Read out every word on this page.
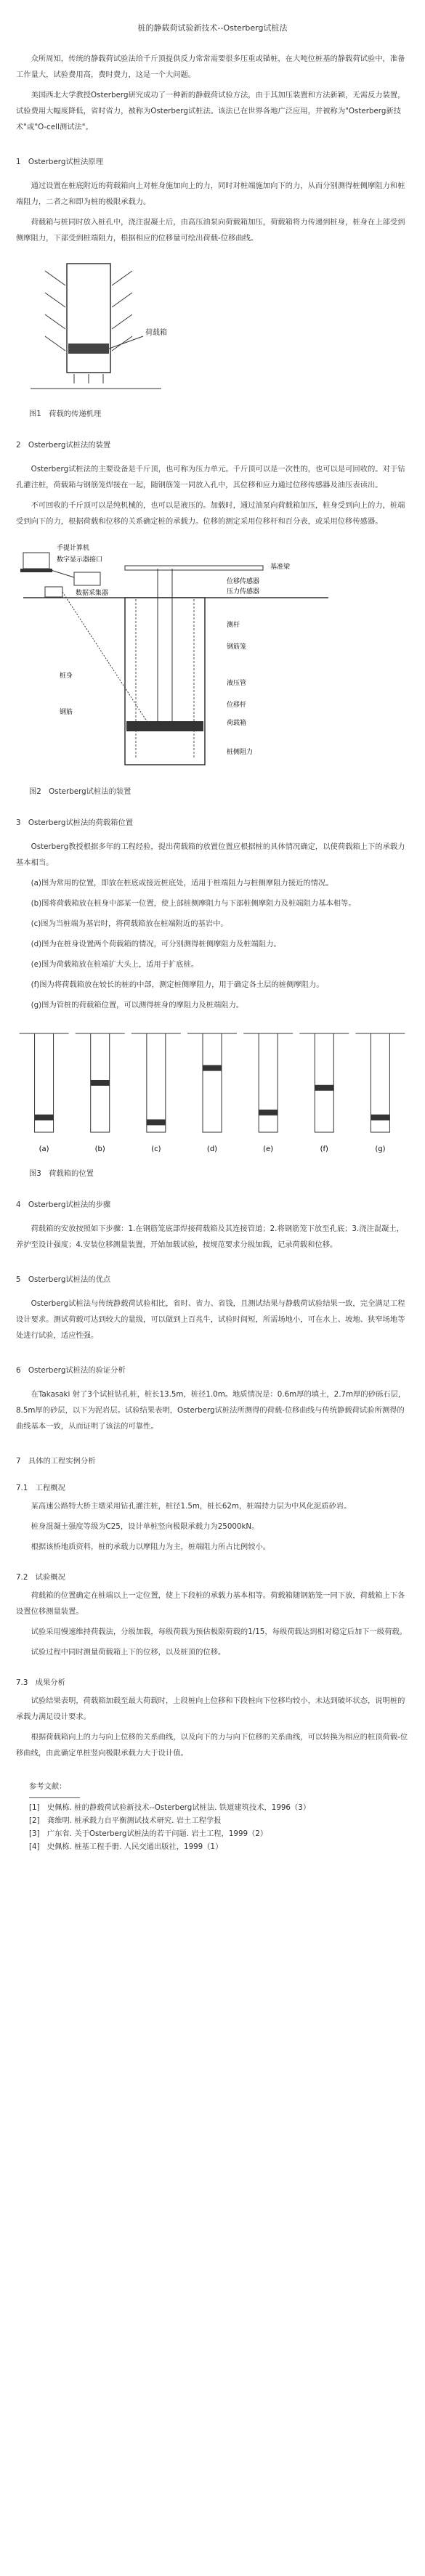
桩的静载荷试验新技术--Osterberg试桩法

众所周知，传统的静载荷试验法给千斤顶提供反力常常需要很多压重或锚桩，在大吨位桩基的静载荷试验中，准备工作量大，试验费用高，费时费力，这是一个大问题。

美国西北大学教授Osterberg研究成功了一种新的静载荷试验方法，由于其加压装置和方法新颖，无需反力装置，试验费用大幅度降低，省时省力，被称为Osterberg试桩法。该法已在世界各地广泛应用，并被称为"Osterberg新技术"或"O-cell测试法"。

1　Osterberg试桩法原理

通过设置在桩底附近的荷载箱向上对桩身施加向上的力，同时对桩端施加向下的力，从而分别测得桩侧摩阻力和桩端阻力，二者之和即为桩的极限承载力。

荷载箱与桩同时放入桩孔中，浇注混凝土后，由高压油泵向荷载箱加压，荷载箱将力传递到桩身，桩身在上部受到侧摩阻力，下部受到桩端阻力，根据相应的位移量可绘出荷载-位移曲线。

荷载箱
图1　荷载的传递机理
2　Osterberg试桩法的装置

Osterberg试桩法的主要设备是千斤顶，也可称为压力单元。千斤顶可以是一次性的，也可以是可回收的。对于钻孔灌注桩，荷载箱与钢筋笼焊接在一起，随钢筋笼一同放入孔中，其位移和应力通过位移传感器及油压表读出。

不可回收的千斤顶可以是纯机械的，也可以是液压的。加载时，通过油泵向荷载箱加压，桩身受到向上的力，桩端受到向下的力，根据荷载和位移的关系确定桩的承载力。位移的测定采用位移杆和百分表，或采用位移传感器。

手提计算机
数字显示器接口
数据采集器
基准梁
位移传感器
压力传感器
测杆
钢筋笼
荷载箱
桩身
液压管
位移杆
钢筋
桩侧阻力
图2　Osterberg试桩法的装置
3　Osterberg试桩法的荷载箱位置

Osterberg教授根据多年的工程经验，提出荷载箱的放置位置应根据桩的具体情况确定，以使荷载箱上下的承载力基本相当。

(a)图为常用的位置，即放在桩底或接近桩底处，适用于桩端阻力与桩侧摩阻力接近的情况。

(b)图将荷载箱放在桩身中部某一位置，使上部桩侧摩阻力与下部桩侧摩阻力及桩端阻力基本相等。

(c)图为当桩端为基岩时，将荷载箱放在桩端附近的基岩中。

(d)图为在桩身设置两个荷载箱的情况，可分别测得桩侧摩阻力及桩端阻力。

(e)图为荷载箱放在桩端扩大头上，适用于扩底桩。

(f)图为将荷载箱放在较长的桩的中部，测定桩侧摩阻力，用于确定各土层的桩侧摩阻力。

(g)图为管桩的荷载箱位置，可以测得桩身的摩阻力及桩端阻力。

(a)	(b)	(c)	(d)	(e)	(f)	(g)
图3　荷载箱的位置
4　Osterberg试桩法的步骤

荷载箱的安放按照如下步骤：1.在钢筋笼底部焊接荷载箱及其连接管道；2.将钢筋笼下放至孔底；3.浇注混凝土，养护至设计强度；4.安装位移测量装置，开始加载试验，按规范要求分级加载，记录荷载和位移。

5　Osterberg试桩法的优点

Osterberg试桩法与传统静载荷试验相比，省时、省力、省钱，且测试结果与静载荷试验结果一致，完全满足工程设计要求。测试荷载可达到较大的量级，可以做到上百兆牛，试验时间短，所需场地小，可在水上、坡地、狭窄场地等处进行试验，适应性强。

6　Osterberg试桩法的验证分析

在Takasaki 射了3个试桩钻孔桩，桩长13.5m，桩径1.0m。地质情况是：0.6m厚的填土，2.7m厚的砂砾石层，8.5m厚的砂层，以下为泥岩层。试验结果表明，Osterberg试桩法所测得的荷载-位移曲线与传统静载荷试验所测得的曲线基本一致，从而证明了该法的可靠性。

7　具体的工程实例分析
7.1　工程概况

某高速公路特大桥主墩采用钻孔灌注桩，桩径1.5m，桩长62m，桩端持力层为中风化泥质砂岩。

桩身混凝土强度等级为C25，设计单桩竖向极限承载力为25000kN。

根据该桥地质资料，桩的承载力以摩阻力为主，桩端阻力所占比例较小。

7.2　试验概况

荷载箱的位置确定在桩端以上一定位置，使上下段桩的承载力基本相等。荷载箱随钢筋笼一同下放，荷载箱上下各设置位移测量装置。

试验采用慢速维持荷载法，分级加载，每级荷载为预估极限荷载的1/15，每级荷载达到相对稳定后加下一级荷载。

试验过程中同时测量荷载箱上下的位移，以及桩顶的位移。

7.3　成果分析

试验结果表明，荷载箱加载至最大荷载时，上段桩向上位移和下段桩向下位移均较小，未达到破坏状态，说明桩的承载力满足设计要求。

根据荷载箱向上的力与向上位移的关系曲线，以及向下的力与向下位移的关系曲线，可以转换为相应的桩顶荷载-位移曲线，由此确定单桩竖向极限承载力大于设计值。

参考文献：
[1]　史佩栋. 桩的静载荷试验新技术--Osterberg试桩法. 铁道建筑技术，1996（3）
[2]　龚维明. 桩承载力自平衡测试技术研究. 岩土工程学报
[3]　广东省. 关于Osterberg试桩法的若干问题. 岩土工程，1999（2）
[4]　史佩栋. 桩基工程手册. 人民交通出版社，1999（1）
